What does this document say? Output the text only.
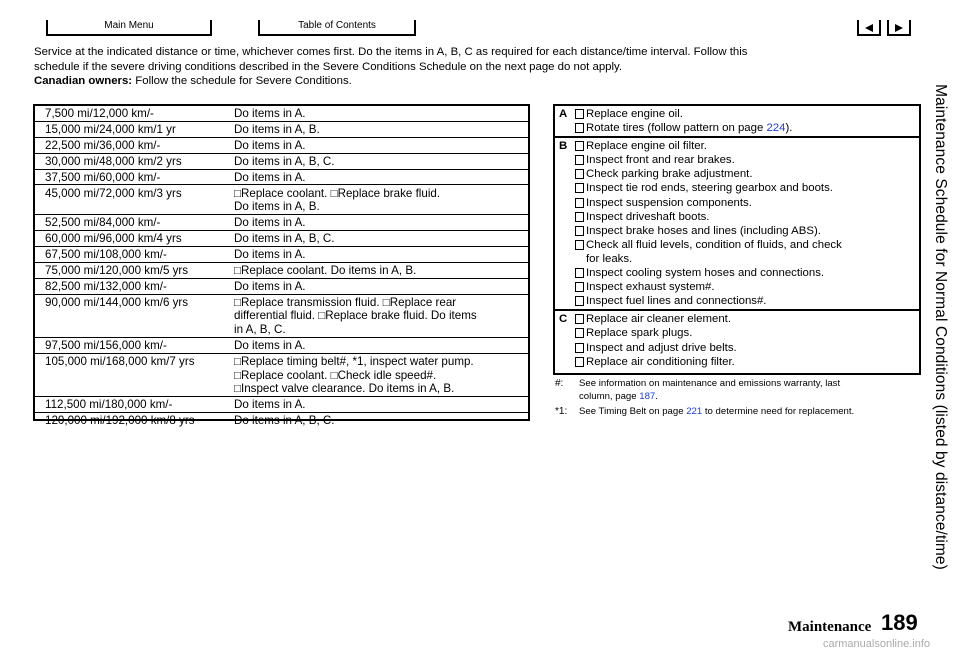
Main Menu	Table of Contents
Service at the indicated distance or time, whichever comes first. Do the items in A, B, C as required for each distance/time interval. Follow this
schedule if the severe driving conditions described in the Severe Conditions Schedule on the next page do not apply.
Canadian owners: Follow the schedule for Severe Conditions.
7,500 mi/12,000 km/-	Do items in A.
15,000 mi/24,000 km/1 yr	Do items in A, B.
22,500 mi/36,000 km/-	Do items in A.
30,000 mi/48,000 km/2 yrs	Do items in A, B, C.
37,500 mi/60,000 km/-	Do items in A.
45,000 mi/72,000 km/3 yrs	□Replace coolant. □Replace brake fluid.
Do items in A, B.
52,500 mi/84,000 km/-	Do items in A.
60,000 mi/96,000 km/4 yrs	Do items in A, B, C.
67,500 mi/108,000 km/-	Do items in A.
75,000 mi/120,000 km/5 yrs	□Replace coolant. Do items in A, B.
82,500 mi/132,000 km/-	Do items in A.
90,000 mi/144,000 km/6 yrs	□Replace transmission fluid. □Replace rear
differential fluid. □Replace brake fluid. Do items
in A, B, C.
97,500 mi/156,000 km/-	Do items in A.
105,000 mi/168,000 km/7 yrs	□Replace timing belt#, *1, inspect water pump.
□Replace coolant. □Check idle speed#.
□Inspect valve clearance. Do items in A, B.
112,500 mi/180,000 km/-	Do items in A.
120,000 mi/192,000 km/8 yrs	Do items in A, B, C.
A Replace engine oil.
Rotate tires (follow pattern on page 224).
B Replace engine oil filter.
Inspect front and rear brakes.
Check parking brake adjustment.
Inspect tie rod ends, steering gearbox and boots.
Inspect suspension components.
Inspect driveshaft boots.
Inspect brake hoses and lines (including ABS).
Check all fluid levels, condition of fluids, and check
for leaks.
Inspect cooling system hoses and connections.
Inspect exhaust system#.
Inspect fuel lines and connections#.
C Replace air cleaner element.
Replace spark plugs.
Inspect and adjust drive belts.
Replace air conditioning filter.
#: See information on maintenance and emissions warranty, last
column, page 187.
*1: See Timing Belt on page 221 to determine need for replacement.	Maintenance Schedule for Normal Conditions (listed by distance/time)
Maintenance 189
carmanualsonline.info
